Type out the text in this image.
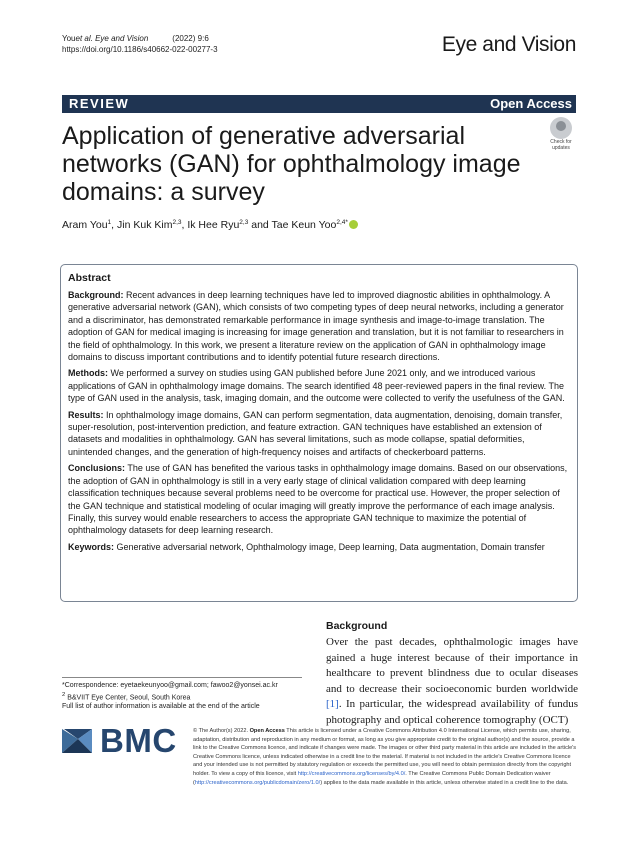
Youet al. Eye and Vision	(2022) 9:6
https://doi.org/10.1186/s40662-022-00277-3	Eye and Vision
REVIEW	Open Access
Check for updates
Application of generative adversarial networks (GAN) for ophthalmology image domains: a survey
Aram You$^1$, Jin Kuk Kim$^{2,3}$, Ik Hee Ryu$^{2,3}$ and Tae Keun Yoo$^{2,4*}$
Abstract

Background: Recent advances in deep learning techniques have led to improved diagnostic abilities in ophthalmology. A generative adversarial network (GAN), which consists of two competing types of deep neural networks, including a generator and a discriminator, has demonstrated remarkable performance in image synthesis and image-to-image translation. The adoption of GAN for medical imaging is increasing for image generation and translation, but it is not familiar to researchers in the field of ophthalmology. In this work, we present a literature review on the application of GAN in ophthalmology image domains to discuss important contributions and to identify potential future research directions.

Methods: We performed a survey on studies using GAN published before June 2021 only, and we introduced various applications of GAN in ophthalmology image domains. The search identified 48 peer-reviewed papers in the final review. The type of GAN used in the analysis, task, imaging domain, and the outcome were collected to verify the usefulness of the GAN.

Results: In ophthalmology image domains, GAN can perform segmentation, data augmentation, denoising, domain transfer, super-resolution, post-intervention prediction, and feature extraction. GAN techniques have established an extension of datasets and modalities in ophthalmology. GAN has several limitations, such as mode collapse, spatial deformities, unintended changes, and the generation of high-frequency noises and artifacts of checkerboard patterns.

Conclusions: The use of GAN has benefited the various tasks in ophthalmology image domains. Based on our observations, the adoption of GAN in ophthalmology is still in a very early stage of clinical validation compared with deep learning classification techniques because several problems need to be overcome for practical use. However, the proper selection of the GAN technique and statistical modeling of ocular imaging will greatly improve the performance of each image analysis. Finally, this survey would enable researchers to access the appropriate GAN technique to maximize the potential of ophthalmology datasets for deep learning research.

Keywords: Generative adversarial network, Ophthalmology image, Deep learning, Data augmentation, Domain transfer

Background

Over the past decades, ophthalmologic images have gained a huge interest because of their importance in healthcare to prevent blindness due to ocular diseases and to decrease their socioeconomic burden worldwide [1]. In particular, the widespread availability of fundus photography and optical coherence tomography (OCT)

*Correspondence: eyetaekeunyoo@gmail.com; fawoo2@yonsei.ac.kr
$^2$ B&VIIT Eye Center, Seoul, South Korea
Full list of author information is available at the end of the article
BMC	© The Author(s) 2022. Open Access This article is licensed under a Creative Commons Attribution 4.0 International License, which permits use, sharing, adaptation, distribution and reproduction in any medium or format, as long as you give appropriate credit to the original author(s) and the source, provide a link to the Creative Commons licence, and indicate if changes were made. The images or other third party material in this article are included in the article's Creative Commons licence, unless indicated otherwise in a credit line to the material. If material is not included in the article's Creative Commons licence and your intended use is not permitted by statutory regulation or exceeds the permitted use, you will need to obtain permission directly from the copyright holder. To view a copy of this licence, visit http://creativecommons.org/licenses/by/4.0/. The Creative Commons Public Domain Dedication waiver (http://creativecommons.org/publicdomain/zero/1.0/) applies to the data made available in this article, unless otherwise stated in a credit line to the data.
